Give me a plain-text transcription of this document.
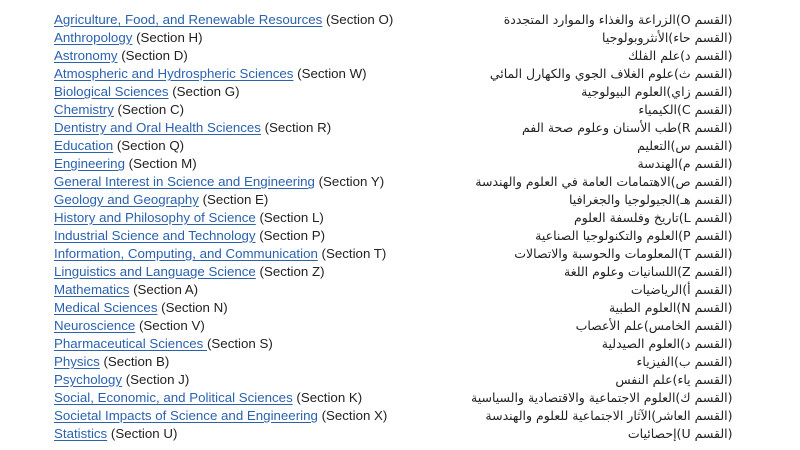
Agriculture, Food, and Renewable Resources (Section O)
Anthropology (Section H)
Astronomy (Section D)
Atmospheric and Hydrospheric Sciences (Section W)
Biological Sciences (Section G)
Chemistry (Section C)
Dentistry and Oral Health Sciences (Section R)
Education (Section Q)
Engineering (Section M)
General Interest in Science and Engineering (Section Y)
Geology and Geography (Section E)
History and Philosophy of Science (Section L)
Industrial Science and Technology (Section P)
Information, Computing, and Communication (Section T)
Linguistics and Language Science (Section Z)
Mathematics (Section A)
Medical Sciences (Section N)
Neuroscience (Section V)
Pharmaceutical Sciences (Section S)
Physics (Section B)
Psychology (Section J)
Social, Economic, and Political Sciences (Section K)
Societal Impacts of Science and Engineering (Section X)
Statistics (Section U)
(القسم O)الزراعة والغذاء والموارد المتجددة
(القسم حاء)الأنثروبولوجيا
(القسم د)علم الفلك
(القسم ث)علوم الغلاف الجوي والكهارل المائي
(القسم زاي)العلوم البيولوجية
(القسم C)الكيمياء
(القسم R)طب الأسنان وعلوم صحة الفم
(القسم س)التعليم
(القسم م)الهندسة
(القسم ص)الاهتمامات العامة في العلوم والهندسة
(القسم هـ)الجيولوجيا والجغرافيا
(القسم L)تاريخ وفلسفة العلوم
(القسم P)العلوم والتكنولوجيا الصناعية
(القسم T)المعلومات والحوسبة والاتصالات
(القسم Z)اللسانيات وعلوم اللغة
(القسم أ)الرياضيات
(القسم N)العلوم الطبية
(القسم الخامس)علم الأعصاب
(القسم د)العلوم الصيدلية
(القسم ب)الفيزياء
(القسم ياء)علم النفس
(القسم ك)العلوم الاجتماعية والاقتصادية والسياسية
(القسم العاشر)الآثار الاجتماعية للعلوم والهندسة
(القسم U)إحصائيات
